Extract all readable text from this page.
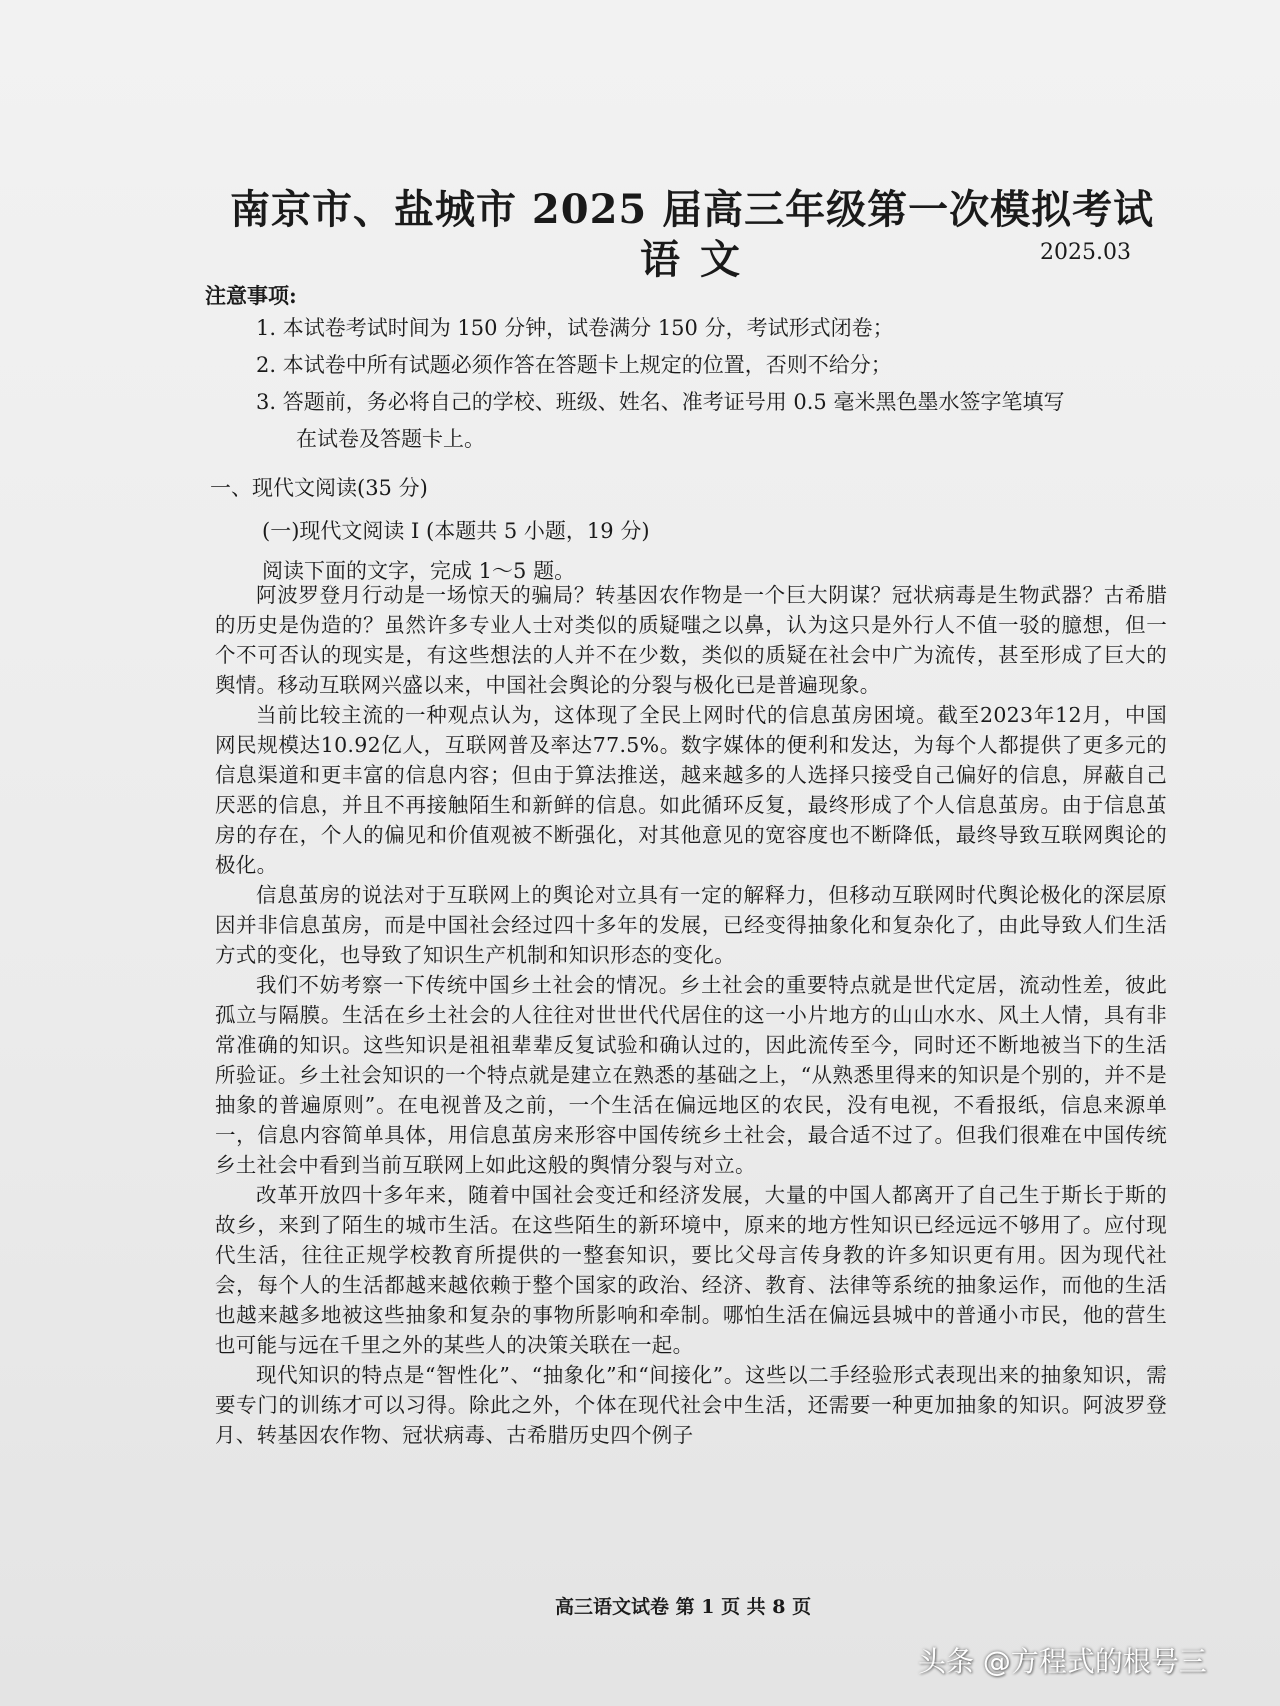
南京市、盐城市 2025 届高三年级第一次模拟考试
语文	2025.03
注意事项:
1. 本试卷考试时间为 150 分钟，试卷满分 150 分，考试形式闭卷；
2. 本试卷中所有试题必须作答在答题卡上规定的位置，否则不给分；
3. 答题前，务必将自己的学校、班级、姓名、准考证号用 0.5 毫米黑色墨水签字笔填写
在试卷及答题卡上。
一、现代文阅读(35 分)
(一)现代文阅读 I (本题共 5 小题，19 分)
阅读下面的文字，完成 1～5 题。

阿波罗登月行动是一场惊天的骗局？转基因农作物是一个巨大阴谋？冠状病毒是生物武器？古希腊的历史是伪造的？虽然许多专业人士对类似的质疑嗤之以鼻，认为这只是外行人不值一驳的臆想，但一个不可否认的现实是，有这些想法的人并不在少数，类似的质疑在社会中广为流传，甚至形成了巨大的舆情。移动互联网兴盛以来，中国社会舆论的分裂与极化已是普遍现象。

当前比较主流的一种观点认为，这体现了全民上网时代的信息茧房困境。截至2023年12月，中国网民规模达10.92亿人，互联网普及率达77.5%。数字媒体的便利和发达，为每个人都提供了更多元的信息渠道和更丰富的信息内容；但由于算法推送，越来越多的人选择只接受自己偏好的信息，屏蔽自己厌恶的信息，并且不再接触陌生和新鲜的信息。如此循环反复，最终形成了个人信息茧房。由于信息茧房的存在，个人的偏见和价值观被不断强化，对其他意见的宽容度也不断降低，最终导致互联网舆论的极化。

信息茧房的说法对于互联网上的舆论对立具有一定的解释力，但移动互联网时代舆论极化的深层原因并非信息茧房，而是中国社会经过四十多年的发展，已经变得抽象化和复杂化了，由此导致人们生活方式的变化，也导致了知识生产机制和知识形态的变化。

我们不妨考察一下传统中国乡土社会的情况。乡土社会的重要特点就是世代定居，流动性差，彼此孤立与隔膜。生活在乡土社会的人往往对世世代代居住的这一小片地方的山山水水、风土人情，具有非常准确的知识。这些知识是祖祖辈辈反复试验和确认过的，因此流传至今，同时还不断地被当下的生活所验证。乡土社会知识的一个特点就是建立在熟悉的基础之上，“从熟悉里得来的知识是个别的，并不是抽象的普遍原则”。在电视普及之前，一个生活在偏远地区的农民，没有电视，不看报纸，信息来源单一，信息内容简单具体，用信息茧房来形容中国传统乡土社会，最合适不过了。但我们很难在中国传统乡土社会中看到当前互联网上如此这般的舆情分裂与对立。

改革开放四十多年来，随着中国社会变迁和经济发展，大量的中国人都离开了自己生于斯长于斯的故乡，来到了陌生的城市生活。在这些陌生的新环境中，原来的地方性知识已经远远不够用了。应付现代生活，往往正规学校教育所提供的一整套知识，要比父母言传身教的许多知识更有用。因为现代社会，每个人的生活都越来越依赖于整个国家的政治、经济、教育、法律等系统的抽象运作，而他的生活也越来越多地被这些抽象和复杂的事物所影响和牵制。哪怕生活在偏远县城中的普通小市民，他的营生也可能与远在千里之外的某些人的决策关联在一起。

现代知识的特点是“智性化”、“抽象化”和“间接化”。这些以二手经验形式表现出来的抽象知识，需要专门的训练才可以习得。除此之外，个体在现代社会中生活，还需要一种更加抽象的知识。阿波罗登月、转基因农作物、冠状病毒、古希腊历史四个例子

高三语文试卷 第 1 页 共 8 页
头条 @方程式的根号三
